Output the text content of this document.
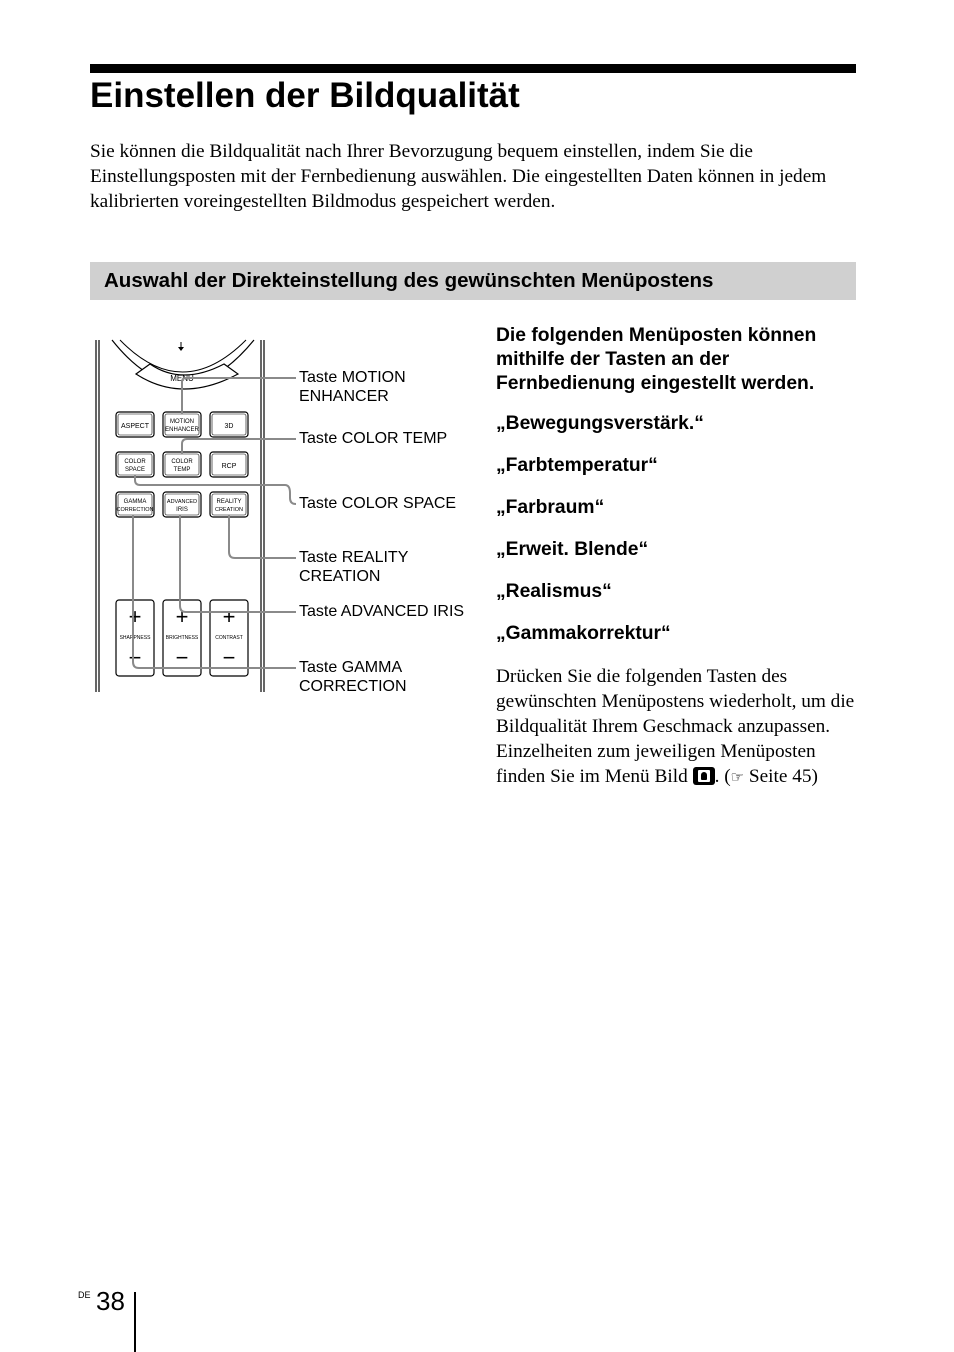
Einstellen der Bildqualität

Sie können die Bildqualität nach Ihrer Bevorzugung bequem einstellen, indem Sie die Einstellungsposten mit der Fernbedienung auswählen. Die eingestellten Daten können in jedem kalibrierten voreingestellten Bildmodus gespeichert werden.

Auswahl der Direkteinstellung des gewünschten Menüpostens
MENU
ASPECT
MOTION
ENHANCER	3D
COLOR
SPACE
COLOR
TEMP	RCP
GAMMA
CORRECTION
ADVANCED
IRIS
REALITY
CREATION
+
SHARPNESS
−
+
BRIGHTNESS
−
+
CONTRAST
−
Taste MOTION ENHANCER
Taste COLOR TEMP
Taste COLOR SPACE
Taste REALITY CREATION
Taste ADVANCED IRIS
Taste GAMMA CORRECTION

Die folgenden Menüposten können mithilfe der Tasten an der Fernbedienung eingestellt werden.

„Bewegungsverstärk.“
„Farbtemperatur“
„Farbraum“
„Erweit. Blende“
„Realismus“
„Gammakorrektur“

Drücken Sie die folgenden Tasten des gewünschten Menüpostens wiederholt, um die Bildqualität Ihrem Geschmack anzupassen. Einzelheiten zum jeweiligen Menüposten finden Sie im Menü Bild . (☞ Seite 45)

DE 38
